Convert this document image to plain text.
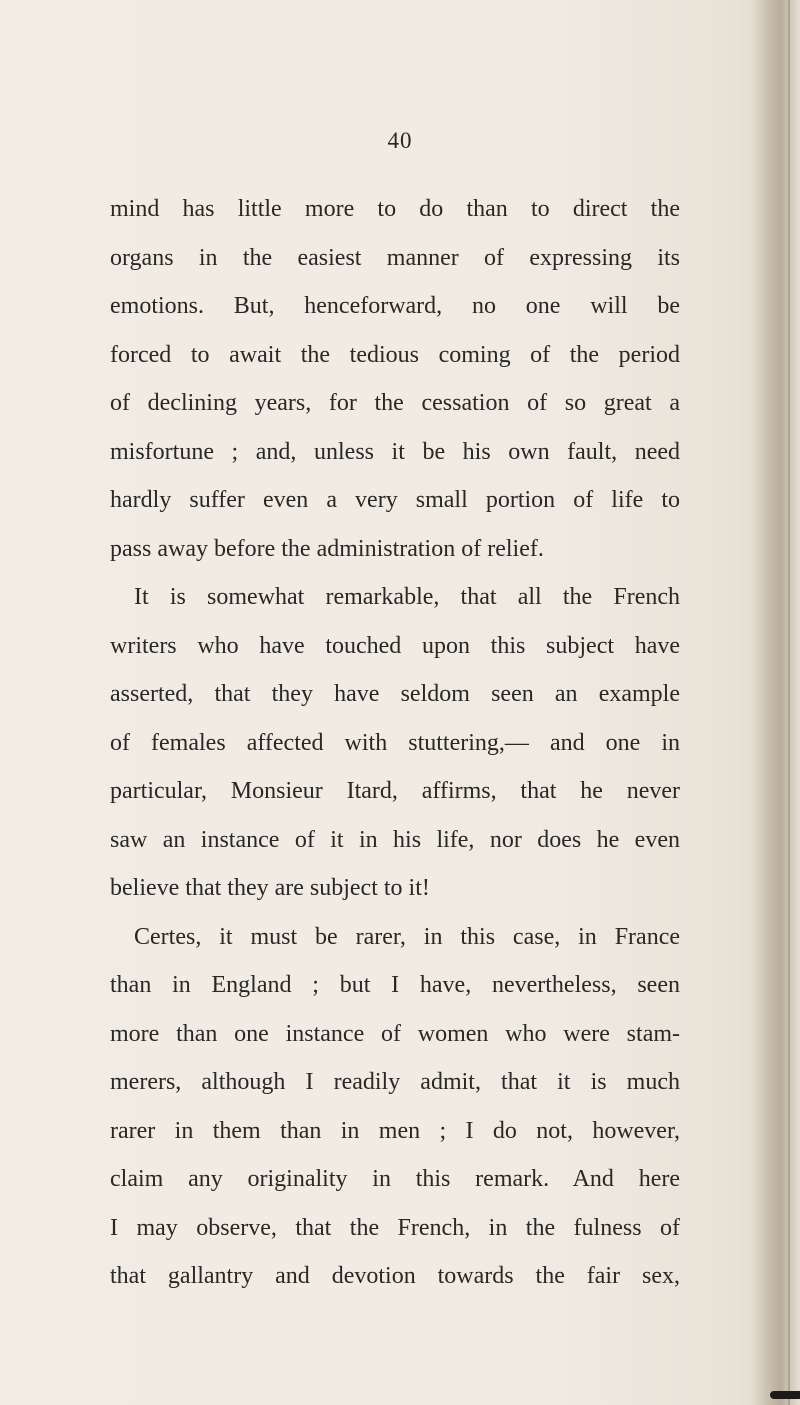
40
mind has little more to do than to direct the
organs in the easiest manner of expressing its
emotions. But, henceforward, no one will be
forced to await the tedious coming of the period
of declining years, for the cessation of so great a
misfortune ; and, unless it be his own fault, need
hardly suffer even a very small portion of life to
pass away before the administration of relief.
It is somewhat remarkable, that all the French
writers who have touched upon this subject have
asserted, that they have seldom seen an example
of females affected with stuttering,— and one in
particular, Monsieur Itard, affirms, that he never
saw an instance of it in his life, nor does he even
believe that they are subject to it!
Certes, it must be rarer, in this case, in France
than in England ; but I have, nevertheless, seen
more than one instance of women who were stam-
merers, although I readily admit, that it is much
rarer in them than in men ; I do not, however,
claim any originality in this remark. And here
I may observe, that the French, in the fulness of
that gallantry and devotion towards the fair sex,
